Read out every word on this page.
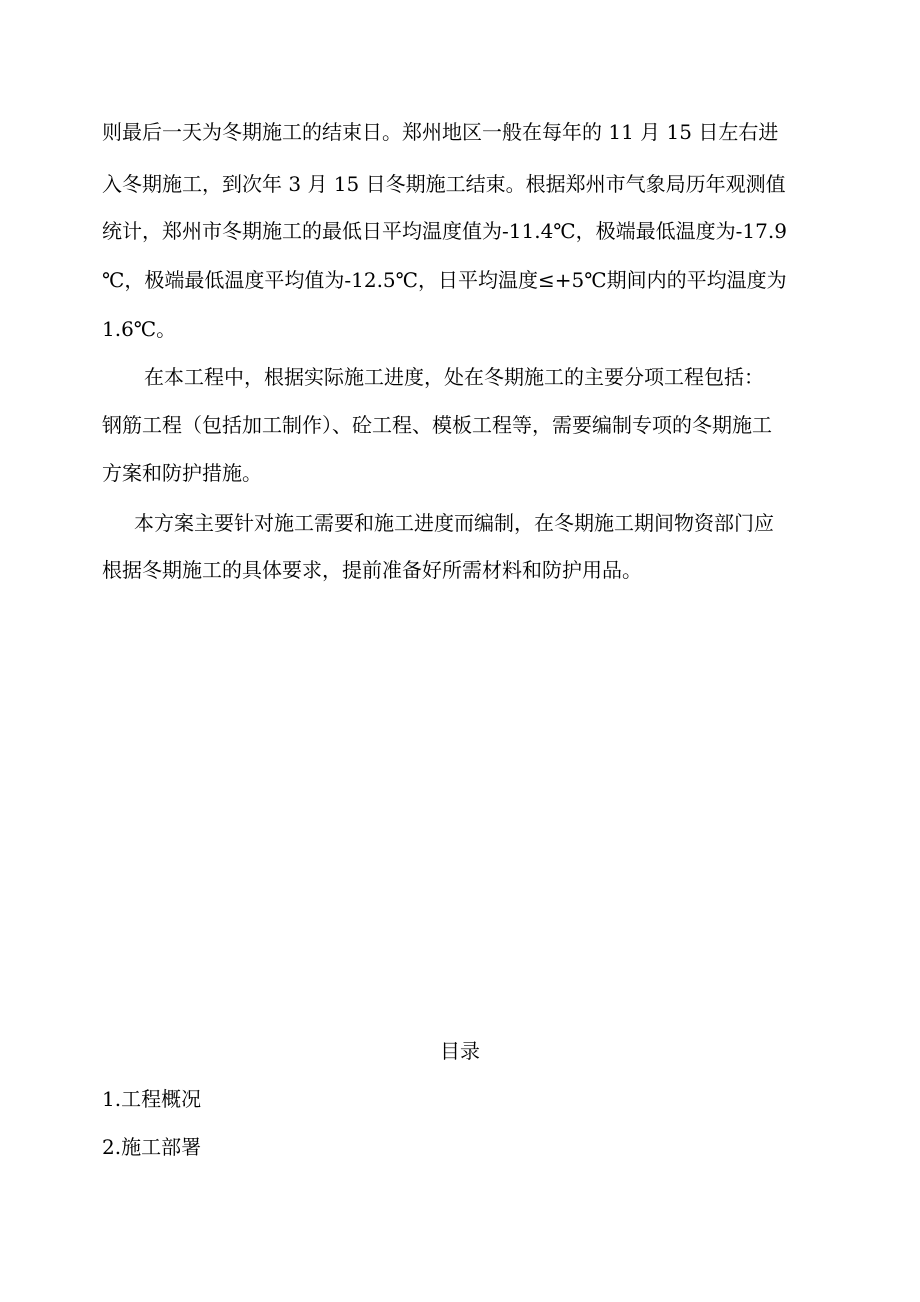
则最后一天为冬期施工的结束日。郑州地区一般在每年的 11 月 15 日左右进

入冬期施工，到次年 3 月 15 日冬期施工结束。根据郑州市气象局历年观测值

统计，郑州市冬期施工的最低日平均温度值为-11.4℃，极端最低温度为-17.9

℃，极端最低温度平均值为-12.5℃，日平均温度≤+5℃期间内的平均温度为

1.6℃。

在本工程中，根据实际施工进度，处在冬期施工的主要分项工程包括：

钢筋工程（包括加工制作）、砼工程、模板工程等，需要编制专项的冬期施工

方案和防护措施。

本方案主要针对施工需要和施工进度而编制，在冬期施工期间物资部门应

根据冬期施工的具体要求，提前准备好所需材料和防护用品。

目录

1.工程概况

2.施工部署
